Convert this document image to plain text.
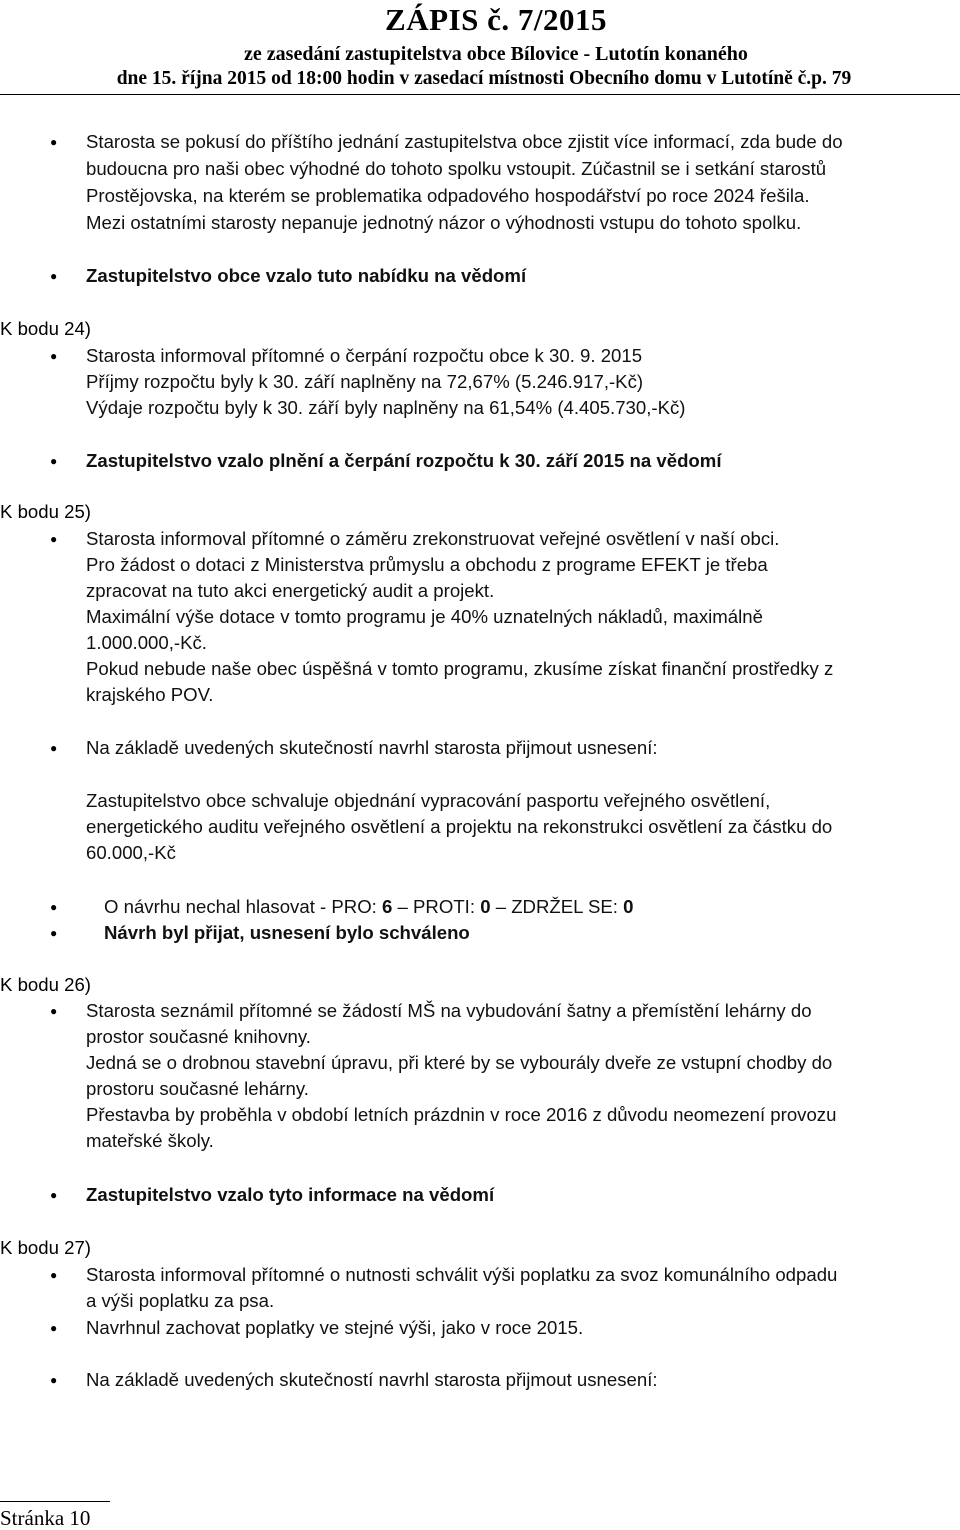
ZÁPIS č. 7/2015
ze zasedání zastupitelstva obce Bílovice - Lutotín konaného
dne 15. října 2015 od 18:00 hodin v zasedací místnosti Obecního domu v Lutotíně č.p. 79
● Starosta se pokusí do příštího jednání zastupitelstva obce zjistit více informací, zda bude do
budoucna pro naši obec výhodné do tohoto spolku vstoupit. Zúčastnil se i setkání starostů
Prostějovska, na kterém se problematika odpadového hospodářství po roce 2024 řešila.
Mezi ostatními starosty nepanuje jednotný názor o výhodnosti vstupu do tohoto spolku.
● Zastupitelstvo obce vzalo tuto nabídku na vědomí
K bodu 24)
● Starosta informoval přítomné o čerpání rozpočtu obce k 30. 9. 2015
Příjmy rozpočtu byly k 30. září naplněny na 72,67% (5.246.917,-Kč)
Výdaje rozpočtu byly k 30. září byly naplněny na 61,54% (4.405.730,-Kč)
● Zastupitelstvo vzalo plnění a čerpání rozpočtu k 30. září 2015 na vědomí
K bodu 25)
● Starosta informoval přítomné o záměru zrekonstruovat veřejné osvětlení v naší obci.
Pro žádost o dotaci z Ministerstva průmyslu a obchodu z programe EFEKT je třeba
zpracovat na tuto akci energetický audit a projekt.
Maximální výše dotace v tomto programu je 40% uznatelných nákladů, maximálně
1.000.000,-Kč.
Pokud nebude naše obec úspěšná v tomto programu, zkusíme získat finanční prostředky z
krajského POV.
● Na základě uvedených skutečností navrhl starosta přijmout usnesení:
Zastupitelstvo obce schvaluje objednání vypracování pasportu veřejného osvětlení,
energetického auditu veřejného osvětlení a projektu na rekonstrukci osvětlení za částku do
60.000,-Kč
●	O návrhu nechal hlasovat - PRO: 6 – PROTI: 0 – ZDRŽEL SE: 0
●	Návrh byl přijat, usnesení bylo schváleno
K bodu 26)
● Starosta seznámil přítomné se žádostí MŠ na vybudování šatny a přemístění lehárny do
prostor současné knihovny.
Jedná se o drobnou stavební úpravu, při které by se vybourály dveře ze vstupní chodby do
prostoru současné lehárny.
Přestavba by proběhla v období letních prázdnin v roce 2016 z důvodu neomezení provozu
mateřské školy.
● Zastupitelstvo vzalo tyto informace na vědomí
K bodu 27)
● Starosta informoval přítomné o nutnosti schválit výši poplatku za svoz komunálního odpadu
a výši poplatku za psa.
● Navrhnul zachovat poplatky ve stejné výši, jako v roce 2015.
● Na základě uvedených skutečností navrhl starosta přijmout usnesení:
Stránka 10
